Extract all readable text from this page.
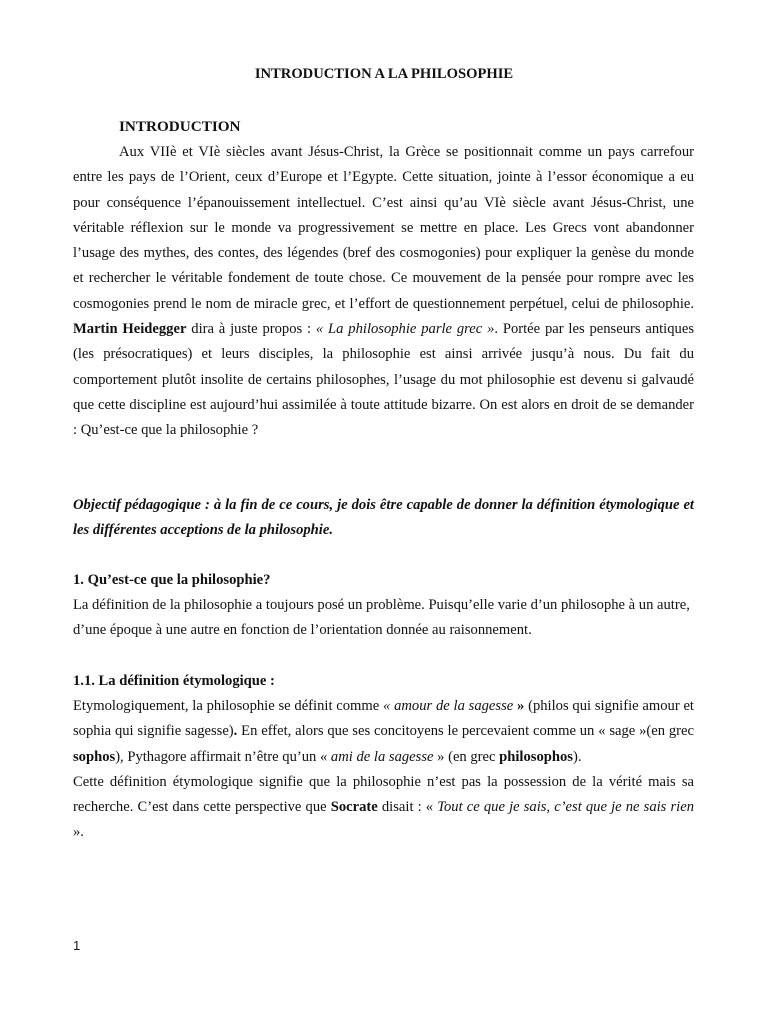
INTRODUCTION A LA PHILOSOPHIE
INTRODUCTION

Aux VIIè et VIè siècles avant Jésus-Christ, la Grèce se positionnait comme un pays carrefour entre les pays de l’Orient, ceux d’Europe et l’Egypte. Cette situation, jointe à l’essor économique a eu pour conséquence l’épanouissement intellectuel. C’est ainsi qu’au VIè siècle avant Jésus-Christ, une véritable réflexion sur le monde va progressivement se mettre en place. Les Grecs vont abandonner l’usage des mythes, des contes, des légendes (bref des cosmogonies) pour expliquer la genèse du monde et rechercher le véritable fondement de toute chose. Ce mouvement de la pensée pour rompre avec les cosmogonies prend le nom de miracle grec, et l’effort de questionnement perpétuel, celui de philosophie. Martin Heidegger dira à juste propos : « La philosophie parle grec ». Portée par les penseurs antiques (les présocratiques) et leurs disciples, la philosophie est ainsi arrivée jusqu’à nous. Du fait du comportement plutôt insolite de certains philosophes, l’usage du mot philosophie est devenu si galvaudé que cette discipline est aujourd’hui assimilée à toute attitude bizarre. On est alors en droit de se demander : Qu’est-ce que la philosophie ?

Objectif pédagogique : à la fin de ce cours, je dois être capable de donner la définition étymologique et les différentes acceptions de la philosophie.

1. Qu’est-ce que la philosophie?
La définition de la philosophie a toujours posé un problème. Puisqu’elle varie d’un philosophe à un autre, d’une époque à une autre en fonction de l’orientation donnée au raisonnement.

1.1. La définition étymologique :
Etymologiquement, la philosophie se définit comme « amour de la sagesse » (philos qui signifie amour et sophia qui signifie sagesse). En effet, alors que ses concitoyens le percevaient comme un « sage »(en grec sophos), Pythagore affirmait n’être qu’un « ami de la sagesse » (en grec philosophos).
Cette définition étymologique signifie que la philosophie n’est pas la possession de la vérité mais sa recherche. C’est dans cette perspective que Socrate disait : « Tout ce que je sais, c’est que je ne sais rien ».

1
